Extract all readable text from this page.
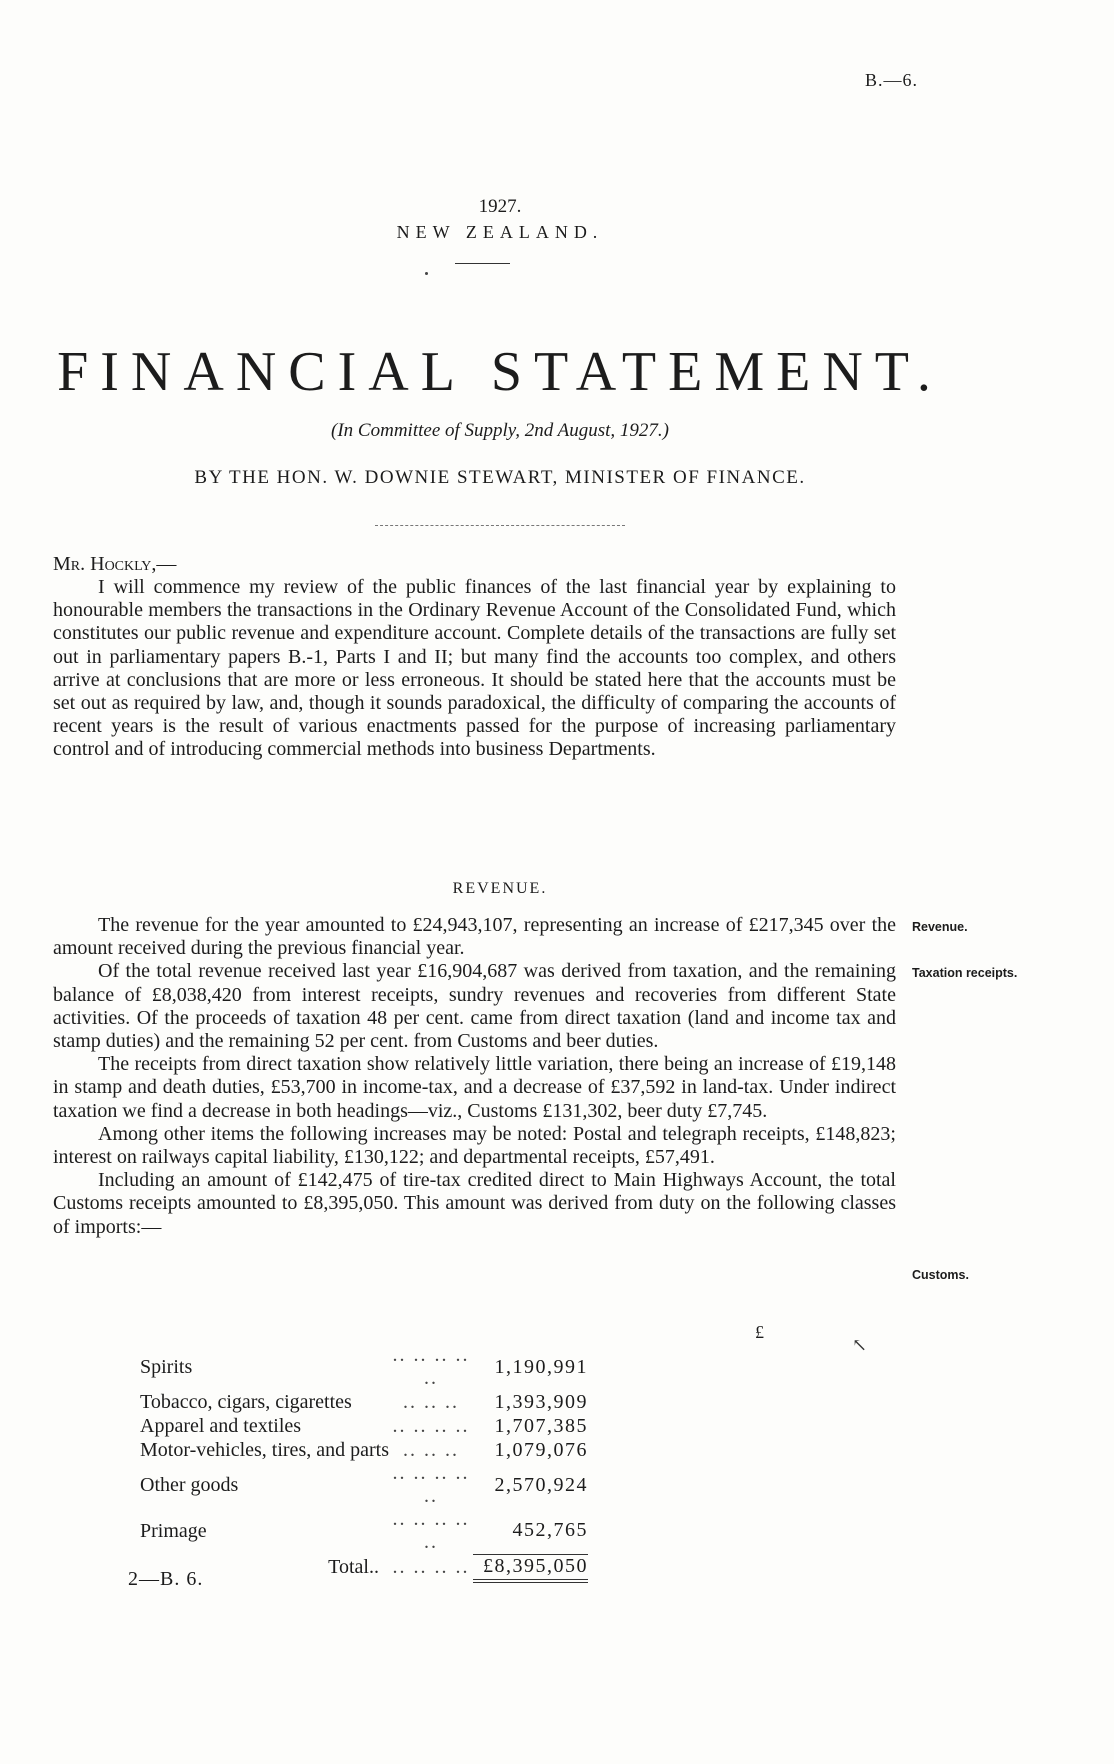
B.—6.
1927.
NEW ZEALAND.
FINANCIAL STATEMENT.
(In Committee of Supply, 2nd August, 1927.)
BY THE HON. W. DOWNIE STEWART, MINISTER OF FINANCE.
Mr. Hockly,—

I will commence my review of the public finances of the last financial year by explaining to honourable members the transactions in the Ordinary Revenue Account of the Consolidated Fund, which constitutes our public revenue and expenditure account. Complete details of the transactions are fully set out in parliamentary papers B.-1, Parts I and II; but many find the accounts too complex, and others arrive at conclusions that are more or less erroneous. It should be stated here that the accounts must be set out as required by law, and, though it sounds paradoxical, the difficulty of comparing the accounts of recent years is the result of various enactments passed for the purpose of increasing parliamentary control and of introducing commercial methods into business Departments.

REVENUE.

The revenue for the year amounted to £24,943,107, representing an increase of £217,345 over the amount received during the previous financial year.

Of the total revenue received last year £16,904,687 was derived from taxation, and the remaining balance of £8,038,420 from interest receipts, sundry revenues and recoveries from different State activities. Of the proceeds of taxation 48 per cent. came from direct taxation (land and income tax and stamp duties) and the remaining 52 per cent. from Customs and beer duties.

The receipts from direct taxation show relatively little variation, there being an increase of £19,148 in stamp and death duties, £53,700 in income-tax, and a decrease of £37,592 in land-tax. Under indirect taxation we find a decrease in both headings—viz., Customs £131,302, beer duty £7,745.

Among other items the following increases may be noted: Postal and telegraph receipts, £148,823; interest on railways capital liability, £130,122; and departmental receipts, £57,491.

Including an amount of £142,475 of tire-tax credited direct to Main Highways Account, the total Customs receipts amounted to £8,395,050. This amount was derived from duty on the following classes of imports:—

Revenue.
Taxation receipts.
Customs.
£
↖

Spirits	.. .. .. .. ..	1,190,991
Tobacco, cigars, cigarettes	.. .. ..	1,393,909
Apparel and textiles	.. .. .. ..	1,707,385
Motor-vehicles, tires, and parts	.. .. ..	1,079,076
Other goods	.. .. .. .. ..	2,570,924
Primage	.. .. .. .. ..	452,765
Total..	.. .. .. ..	£8,395,050
2—B. 6.
